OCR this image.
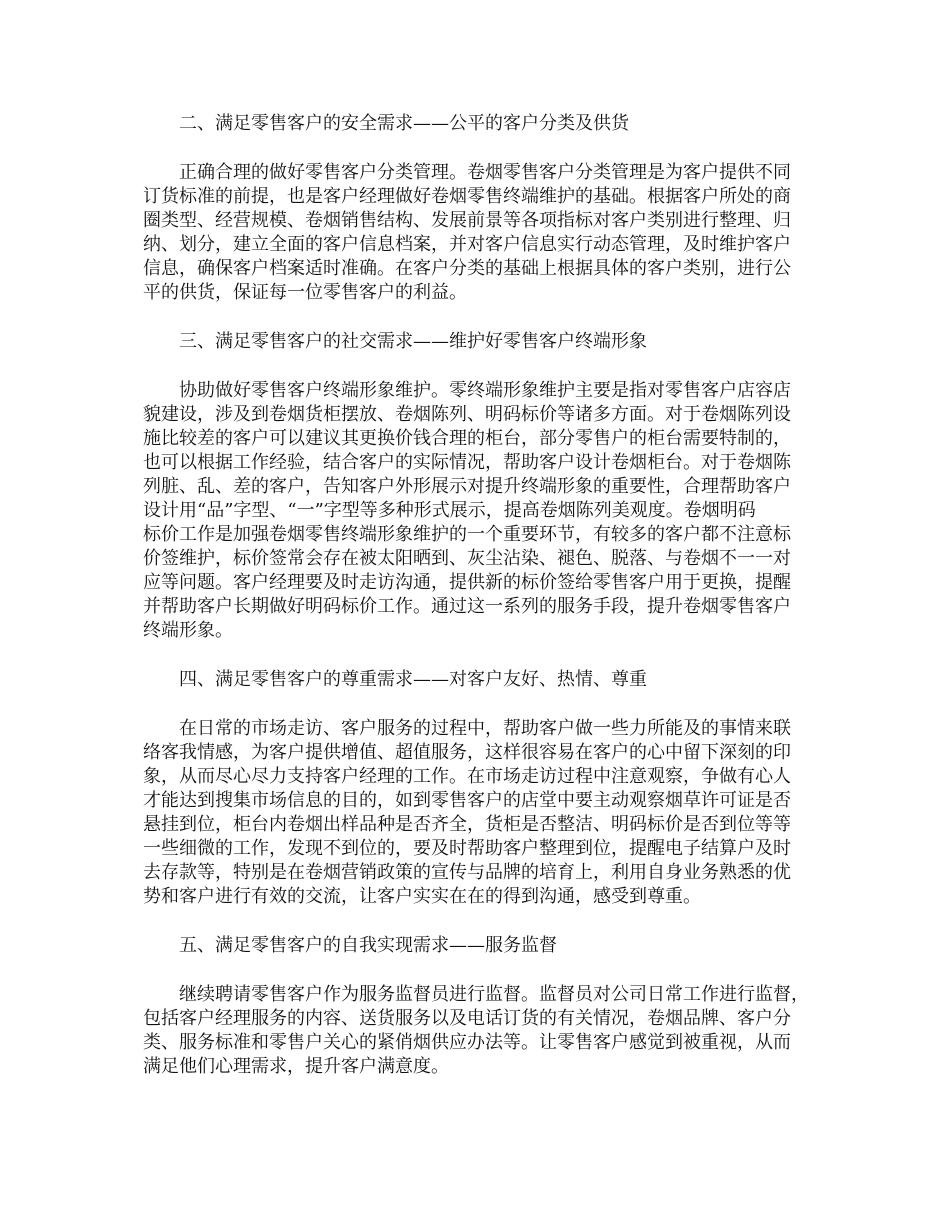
二、满足零售客户的安全需求——公平的客户分类及供货
正确合理的做好零售客户分类管理。卷烟零售客户分类管理是为客户提供不同
订货标准的前提，也是客户经理做好卷烟零售终端维护的基础。根据客户所处的商
圈类型、经营规模、卷烟销售结构、发展前景等各项指标对客户类别进行整理、归
纳、划分，建立全面的客户信息档案，并对客户信息实行动态管理，及时维护客户
信息，确保客户档案适时准确。在客户分类的基础上根据具体的客户类别，进行公
平的供货，保证每一位零售客户的利益。
三、满足零售客户的社交需求——维护好零售客户终端形象
协助做好零售客户终端形象维护。零终端形象维护主要是指对零售客户店容店
貌建设，涉及到卷烟货柜摆放、卷烟陈列、明码标价等诸多方面。对于卷烟陈列设
施比较差的客户可以建议其更换价钱合理的柜台，部分零售户的柜台需要特制的，
也可以根据工作经验，结合客户的实际情况，帮助客户设计卷烟柜台。对于卷烟陈
列脏、乱、差的客户，告知客户外形展示对提升终端形象的重要性，合理帮助客户
设计用“品”字型、“一”字型等多种形式展示，提高卷烟陈列美观度。卷烟明码
标价工作是加强卷烟零售终端形象维护的一个重要环节，有较多的客户都不注意标
价签维护，标价签常会存在被太阳晒到、灰尘沾染、褪色、脱落、与卷烟不一一对
应等问题。客户经理要及时走访沟通，提供新的标价签给零售客户用于更换，提醒
并帮助客户长期做好明码标价工作。通过这一系列的服务手段，提升卷烟零售客户
终端形象。
四、满足零售客户的尊重需求——对客户友好、热情、尊重
在日常的市场走访、客户服务的过程中，帮助客户做一些力所能及的事情来联
络客我情感，为客户提供增值、超值服务，这样很容易在客户的心中留下深刻的印
象，从而尽心尽力支持客户经理的工作。在市场走访过程中注意观察，争做有心人
才能达到搜集市场信息的目的，如到零售客户的店堂中要主动观察烟草许可证是否
悬挂到位，柜台内卷烟出样品种是否齐全，货柜是否整洁、明码标价是否到位等等
一些细微的工作，发现不到位的，要及时帮助客户整理到位，提醒电子结算户及时
去存款等，特别是在卷烟营销政策的宣传与品牌的培育上，利用自身业务熟悉的优
势和客户进行有效的交流，让客户实实在在的得到沟通，感受到尊重。
五、满足零售客户的自我实现需求——服务监督
继续聘请零售客户作为服务监督员进行监督。监督员对公司日常工作进行监督，
包括客户经理服务的内容、送货服务以及电话订货的有关情况，卷烟品牌、客户分
类、服务标准和零售户关心的紧俏烟供应办法等。让零售客户感觉到被重视，从而
满足他们心理需求，提升客户满意度。
